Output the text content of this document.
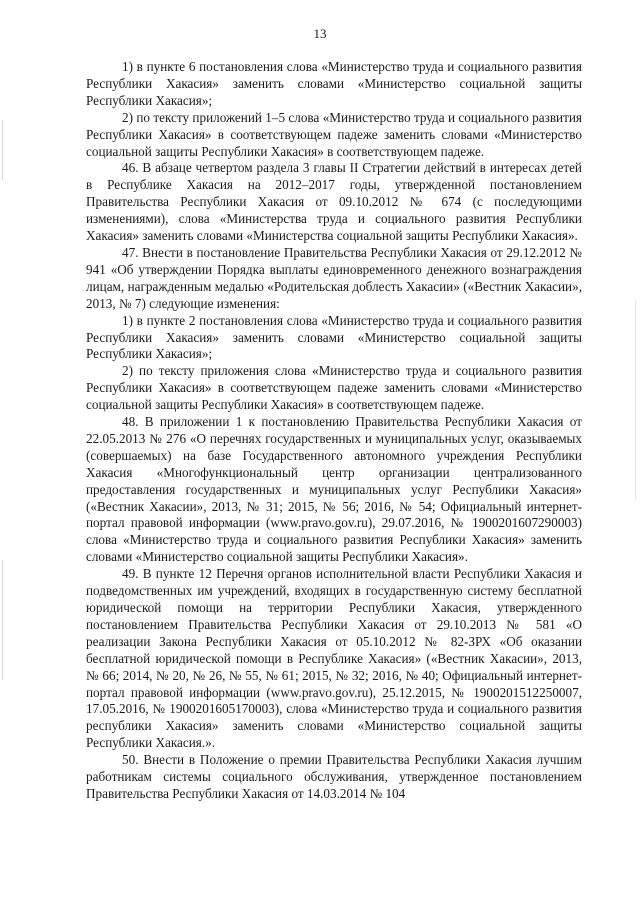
13

1) в пункте 6 постановления слова «Министерство труда и социального развития Республики Хакасия» заменить словами «Министерство социальной защиты Республики Хакасия»;

2) по тексту приложений 1–5 слова «Министерство труда и социального развития Республики Хакасия» в соответствующем падеже заменить словами «Министерство социальной защиты Республики Хакасия» в соответствующем падеже.

46. В абзаце четвертом раздела 3 главы II Стратегии действий в интересах детей в Республике Хакасия на 2012–2017 годы, утвержденной постановлением Правительства Республики Хакасия от 09.10.2012 № 674 (с последующими изменениями), слова «Министерства труда и социального развития Республики Хакасия» заменить словами «Министерства социальной защиты Республики Хакасия».

47. Внести в постановление Правительства Республики Хакасия от 29.12.2012 № 941 «Об утверждении Порядка выплаты единовременного денежного вознаграждения лицам, награжденным медалью «Родительская доблесть Хакасии» («Вестник Хакасии», 2013, № 7) следующие изменения:

1) в пункте 2 постановления слова «Министерство труда и социального развития Республики Хакасия» заменить словами «Министерство социальной защиты Республики Хакасия»;

2) по тексту приложения слова «Министерство труда и социального развития Республики Хакасия» в соответствующем падеже заменить словами «Министерство социальной защиты Республики Хакасия» в соответствующем падеже.

48. В приложении 1 к постановлению Правительства Республики Хакасия от 22.05.2013 № 276 «О перечнях государственных и муниципальных услуг, оказываемых (совершаемых) на базе Государственного автономного учреждения Республики Хакасия «Многофункциональный центр организации централизованного предоставления государственных и муниципальных услуг Республики Хакасия» («Вестник Хакасии», 2013, № 31; 2015, № 56; 2016, № 54; Официальный интернет-портал правовой информации (www.pravo.gov.ru), 29.07.2016, № 1900201607290003) слова «Министерство труда и социального развития Республики Хакасия» заменить словами «Министерство социальной защиты Республики Хакасия».

49. В пункте 12 Перечня органов исполнительной власти Республики Хакасия и подведомственных им учреждений, входящих в государственную систему бесплатной юридической помощи на территории Республики Хакасия, утвержденного постановлением Правительства Республики Хакасия от 29.10.2013 № 581 «О реализации Закона Республики Хакасия от 05.10.2012 № 82-ЗРХ «Об оказании бесплатной юридической помощи в Республике Хакасия» («Вестник Хакасии», 2013, № 66; 2014, № 20, № 26, № 55, № 61; 2015, № 32; 2016, № 40; Официальный интернет-портал правовой информации (www.pravo.gov.ru), 25.12.2015, № 1900201512250007, 17.05.2016, № 1900201605170003), слова «Министерство труда и социального развития республики Хакасия» заменить словами «Министерство социальной защиты Республики Хакасия.».

50. Внести в Положение о премии Правительства Республики Хакасия лучшим работникам системы социального обслуживания, утвержденное постановлением Правительства Республики Хакасия от 14.03.2014 № 104
